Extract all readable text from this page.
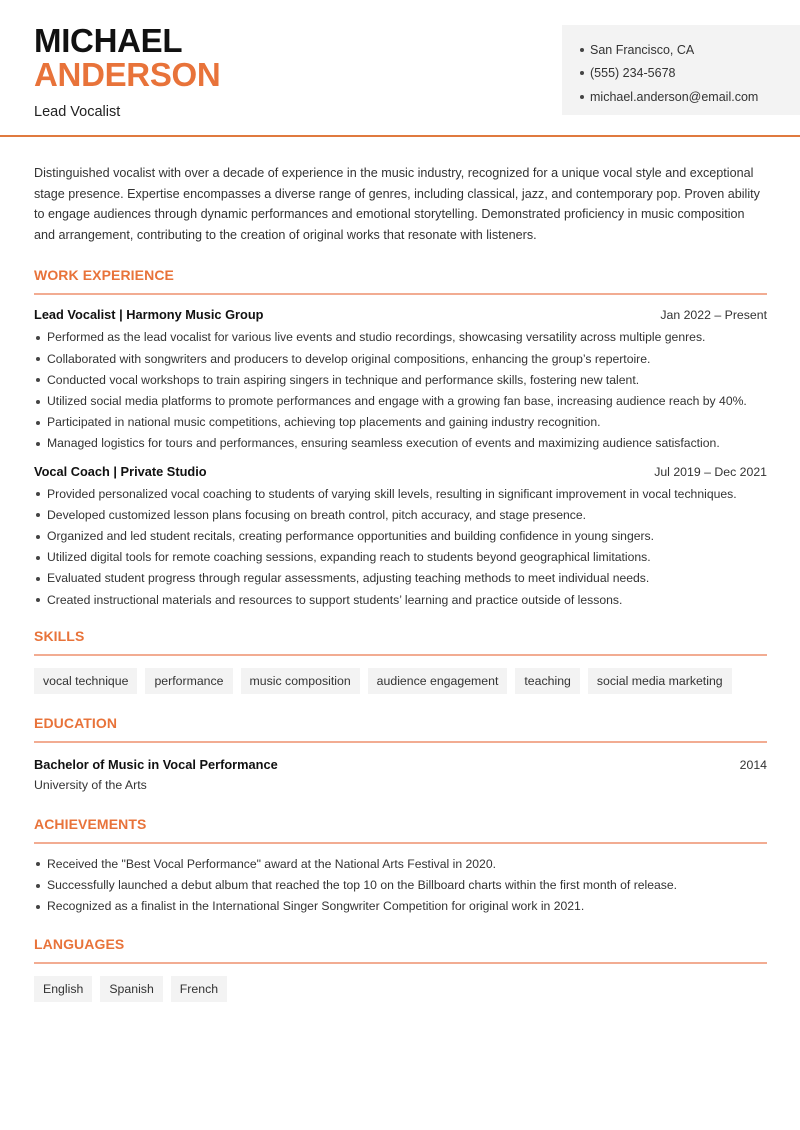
MICHAEL
ANDERSON
Lead Vocalist
San Francisco, CA
(555) 234-5678
michael.anderson@email.com

Distinguished vocalist with over a decade of experience in the music industry, recognized for a unique vocal style and exceptional stage presence. Expertise encompasses a diverse range of genres, including classical, jazz, and contemporary pop. Proven ability to engage audiences through dynamic performances and emotional storytelling. Demonstrated proficiency in music composition and arrangement, contributing to the creation of original works that resonate with listeners.

WORK EXPERIENCE
Lead Vocalist | Harmony Music Group	Jan 2022 – Present
Performed as the lead vocalist for various live events and studio recordings, showcasing versatility across multiple genres.
Collaborated with songwriters and producers to develop original compositions, enhancing the group’s repertoire.
Conducted vocal workshops to train aspiring singers in technique and performance skills, fostering new talent.
Utilized social media platforms to promote performances and engage with a growing fan base, increasing audience reach by 40%.
Participated in national music competitions, achieving top placements and gaining industry recognition.
Managed logistics for tours and performances, ensuring seamless execution of events and maximizing audience satisfaction.
Vocal Coach | Private Studio	Jul 2019 – Dec 2021
Provided personalized vocal coaching to students of varying skill levels, resulting in significant improvement in vocal techniques.
Developed customized lesson plans focusing on breath control, pitch accuracy, and stage presence.
Organized and led student recitals, creating performance opportunities and building confidence in young singers.
Utilized digital tools for remote coaching sessions, expanding reach to students beyond geographical limitations.
Evaluated student progress through regular assessments, adjusting teaching methods to meet individual needs.
Created instructional materials and resources to support students’ learning and practice outside of lessons.
SKILLS
vocal technique	performance	music composition	audience engagement	teaching	social media marketing
EDUCATION
Bachelor of Music in Vocal Performance	2014
University of the Arts
ACHIEVEMENTS
Received the "Best Vocal Performance" award at the National Arts Festival in 2020.
Successfully launched a debut album that reached the top 10 on the Billboard charts within the first month of release.
Recognized as a finalist in the International Singer Songwriter Competition for original work in 2021.
LANGUAGES
English	Spanish	French
